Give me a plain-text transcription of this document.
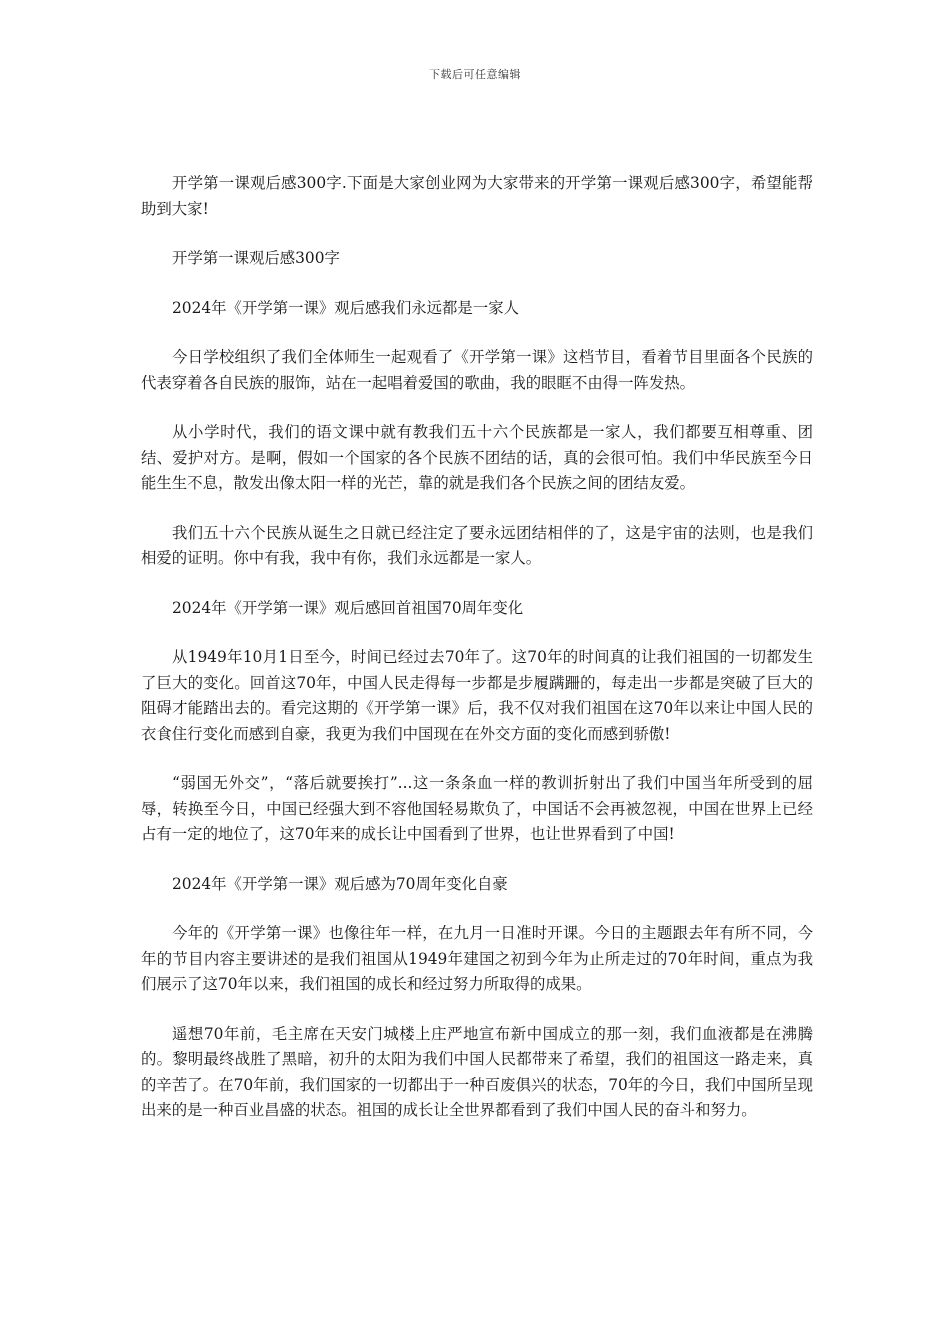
下载后可任意编辑

开学第一课观后感300字.下面是大家创业网为大家带来的开学第一课观后感300字，希望能帮助到大家!

开学第一课观后感300字

2024年《开学第一课》观后感我们永远都是一家人

今日学校组织了我们全体师生一起观看了《开学第一课》这档节目，看着节目里面各个民族的代表穿着各自民族的服饰，站在一起唱着爱国的歌曲，我的眼眶不由得一阵发热。

从小学时代，我们的语文课中就有教我们五十六个民族都是一家人，我们都要互相尊重、团结、爱护对方。是啊，假如一个国家的各个民族不团结的话，真的会很可怕。我们中华民族至今日能生生不息，散发出像太阳一样的光芒，靠的就是我们各个民族之间的团结友爱。

我们五十六个民族从诞生之日就已经注定了要永远团结相伴的了，这是宇宙的法则，也是我们相爱的证明。你中有我，我中有你，我们永远都是一家人。

2024年《开学第一课》观后感回首祖国70周年变化

从1949年10月1日至今，时间已经过去70年了。这70年的时间真的让我们祖国的一切都发生了巨大的变化。回首这70年，中国人民走得每一步都是步履蹒跚的，每走出一步都是突破了巨大的阻碍才能踏出去的。看完这期的《开学第一课》后，我不仅对我们祖国在这70年以来让中国人民的衣食住行变化而感到自豪，我更为我们中国现在在外交方面的变化而感到骄傲!

“弱国无外交”，“落后就要挨打”...这一条条血一样的教训折射出了我们中国当年所受到的屈辱，转换至今日，中国已经强大到不容他国轻易欺负了，中国话不会再被忽视，中国在世界上已经占有一定的地位了，这70年来的成长让中国看到了世界，也让世界看到了中国!

2024年《开学第一课》观后感为70周年变化自豪

今年的《开学第一课》也像往年一样，在九月一日准时开课。今日的主题跟去年有所不同，今年的节目内容主要讲述的是我们祖国从1949年建国之初到今年为止所走过的70年时间，重点为我们展示了这70年以来，我们祖国的成长和经过努力所取得的成果。

遥想70年前，毛主席在天安门城楼上庄严地宣布新中国成立的那一刻，我们血液都是在沸腾的。黎明最终战胜了黑暗，初升的太阳为我们中国人民都带来了希望，我们的祖国这一路走来，真的辛苦了。在70年前，我们国家的一切都出于一种百废俱兴的状态，70年的今日，我们中国所呈现出来的是一种百业昌盛的状态。祖国的成长让全世界都看到了我们中国人民的奋斗和努力。
